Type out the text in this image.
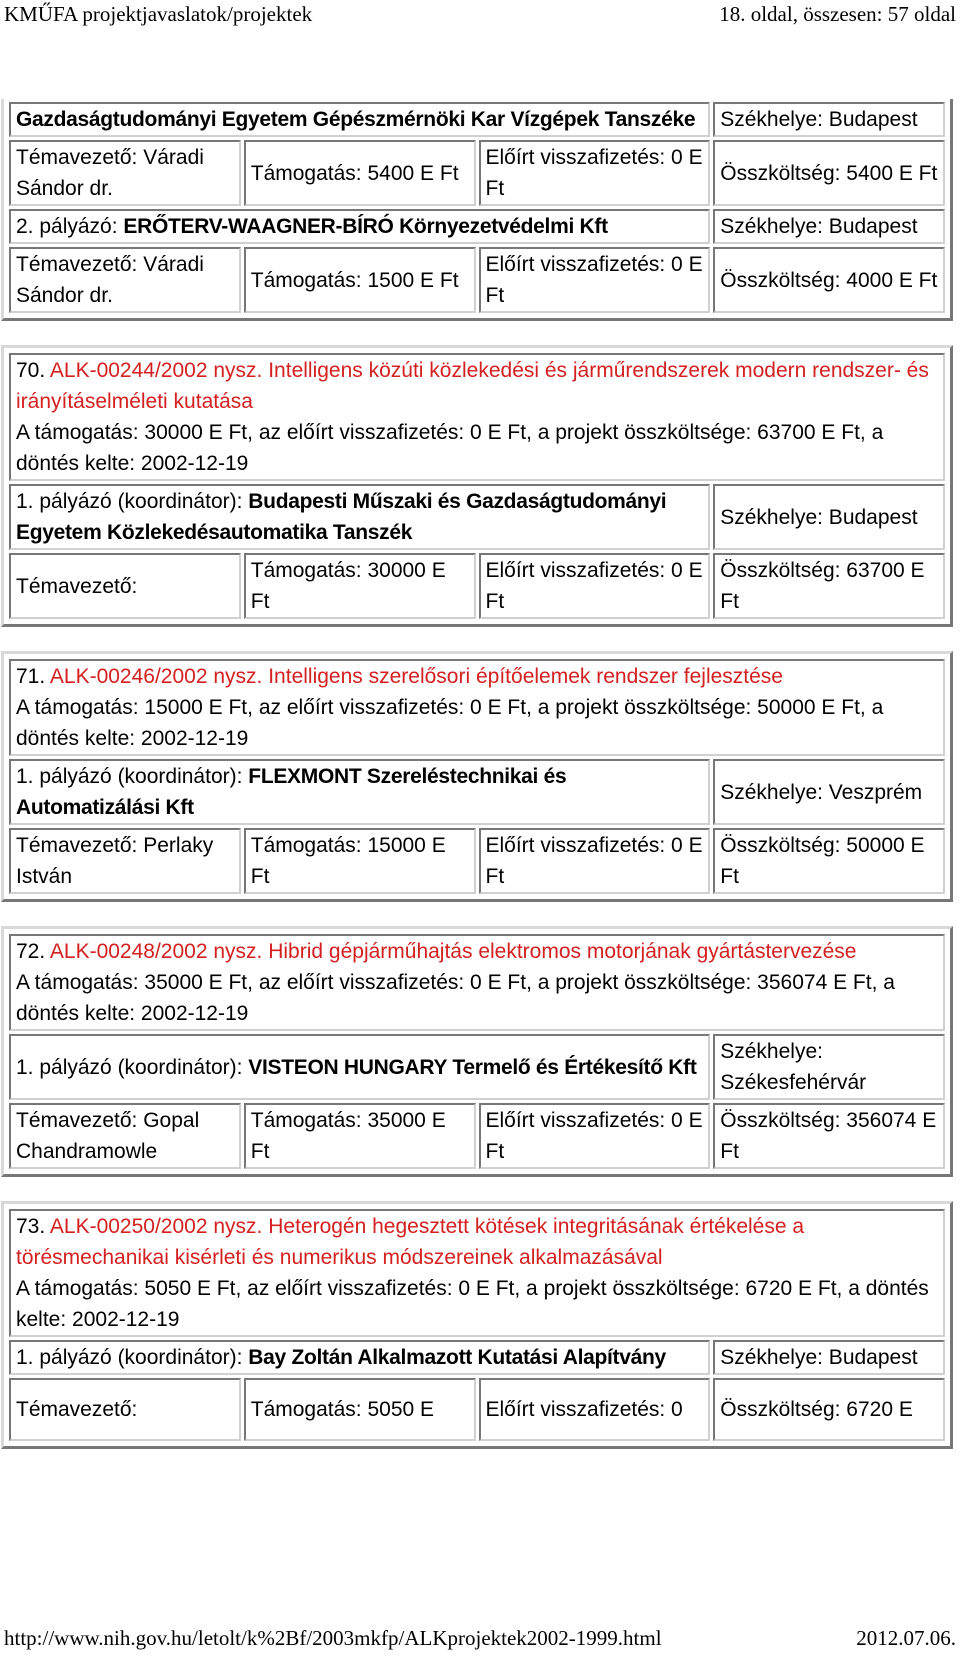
KMŰFA projektjavaslatok/projektek	18. oldal, összesen: 57 oldal
Gazdaságtudományi Egyetem Gépészmérnöki Kar Vízgépek Tanszéke			Székhelye: Budapest
Témavezető: Váradi Sándor dr.	Támogatás: 5400 E Ft	Előírt visszafizetés: 0 E Ft	Összköltség: 5400 E Ft
2. pályázó: ERŐTERV-WAAGNER-BÍRÓ Környezetvédelmi Kft			Székhelye: Budapest
Témavezető: Váradi Sándor dr.	Támogatás: 1500 E Ft	Előírt visszafizetés: 0 E Ft	Összköltség: 4000 E Ft
70. ALK-00244/2002 nysz. Intelligens közúti közlekedési és járműrendszerek modern rendszer- és irányításelméleti kutatása
A támogatás: 30000 E Ft, az előírt visszafizetés: 0 E Ft, a projekt összköltsége: 63700 E Ft, a döntés kelte: 2002-12-19			
1. pályázó (koordinátor): Budapesti Műszaki és Gazdaságtudományi Egyetem Közlekedésautomatika Tanszék			Székhelye: Budapest
Témavezető:	Támogatás: 30000 E Ft	Előírt visszafizetés: 0 E Ft	Összköltség: 63700 E Ft
71. ALK-00246/2002 nysz. Intelligens szerelősori építőelemek rendszer fejlesztése
A támogatás: 15000 E Ft, az előírt visszafizetés: 0 E Ft, a projekt összköltsége: 50000 E Ft, a döntés kelte: 2002-12-19			
1. pályázó (koordinátor): FLEXMONT Szereléstechnikai és Automatizálási Kft			Székhelye: Veszprém
Témavezető: Perlaky István	Támogatás: 15000 E Ft	Előírt visszafizetés: 0 E Ft	Összköltség: 50000 E Ft
72. ALK-00248/2002 nysz. Hibrid gépjárműhajtás elektromos motorjának gyártástervezése
A támogatás: 35000 E Ft, az előírt visszafizetés: 0 E Ft, a projekt összköltsége: 356074 E Ft, a döntés kelte: 2002-12-19			
1. pályázó (koordinátor): VISTEON HUNGARY Termelő és Értékesítő Kft			Székhelye: Székesfehérvár
Témavezető: Gopal Chandramowle	Támogatás: 35000 E Ft	Előírt visszafizetés: 0 E Ft	Összköltség: 356074 E Ft
73. ALK-00250/2002 nysz. Heterogén hegesztett kötések integritásának értékelése a törésmechanikai kisérleti és numerikus módszereinek alkalmazásával
A támogatás: 5050 E Ft, az előírt visszafizetés: 0 E Ft, a projekt összköltsége: 6720 E Ft, a döntés kelte: 2002-12-19			
1. pályázó (koordinátor): Bay Zoltán Alkalmazott Kutatási Alapítvány			Székhelye: Budapest
Témavezető:	Támogatás: 5050 E	Előírt visszafizetés: 0	Összköltség: 6720 E
http://www.nih.gov.hu/letolt/k%2Bf/2003mkfp/ALKprojektek2002-1999.html	2012.07.06.
